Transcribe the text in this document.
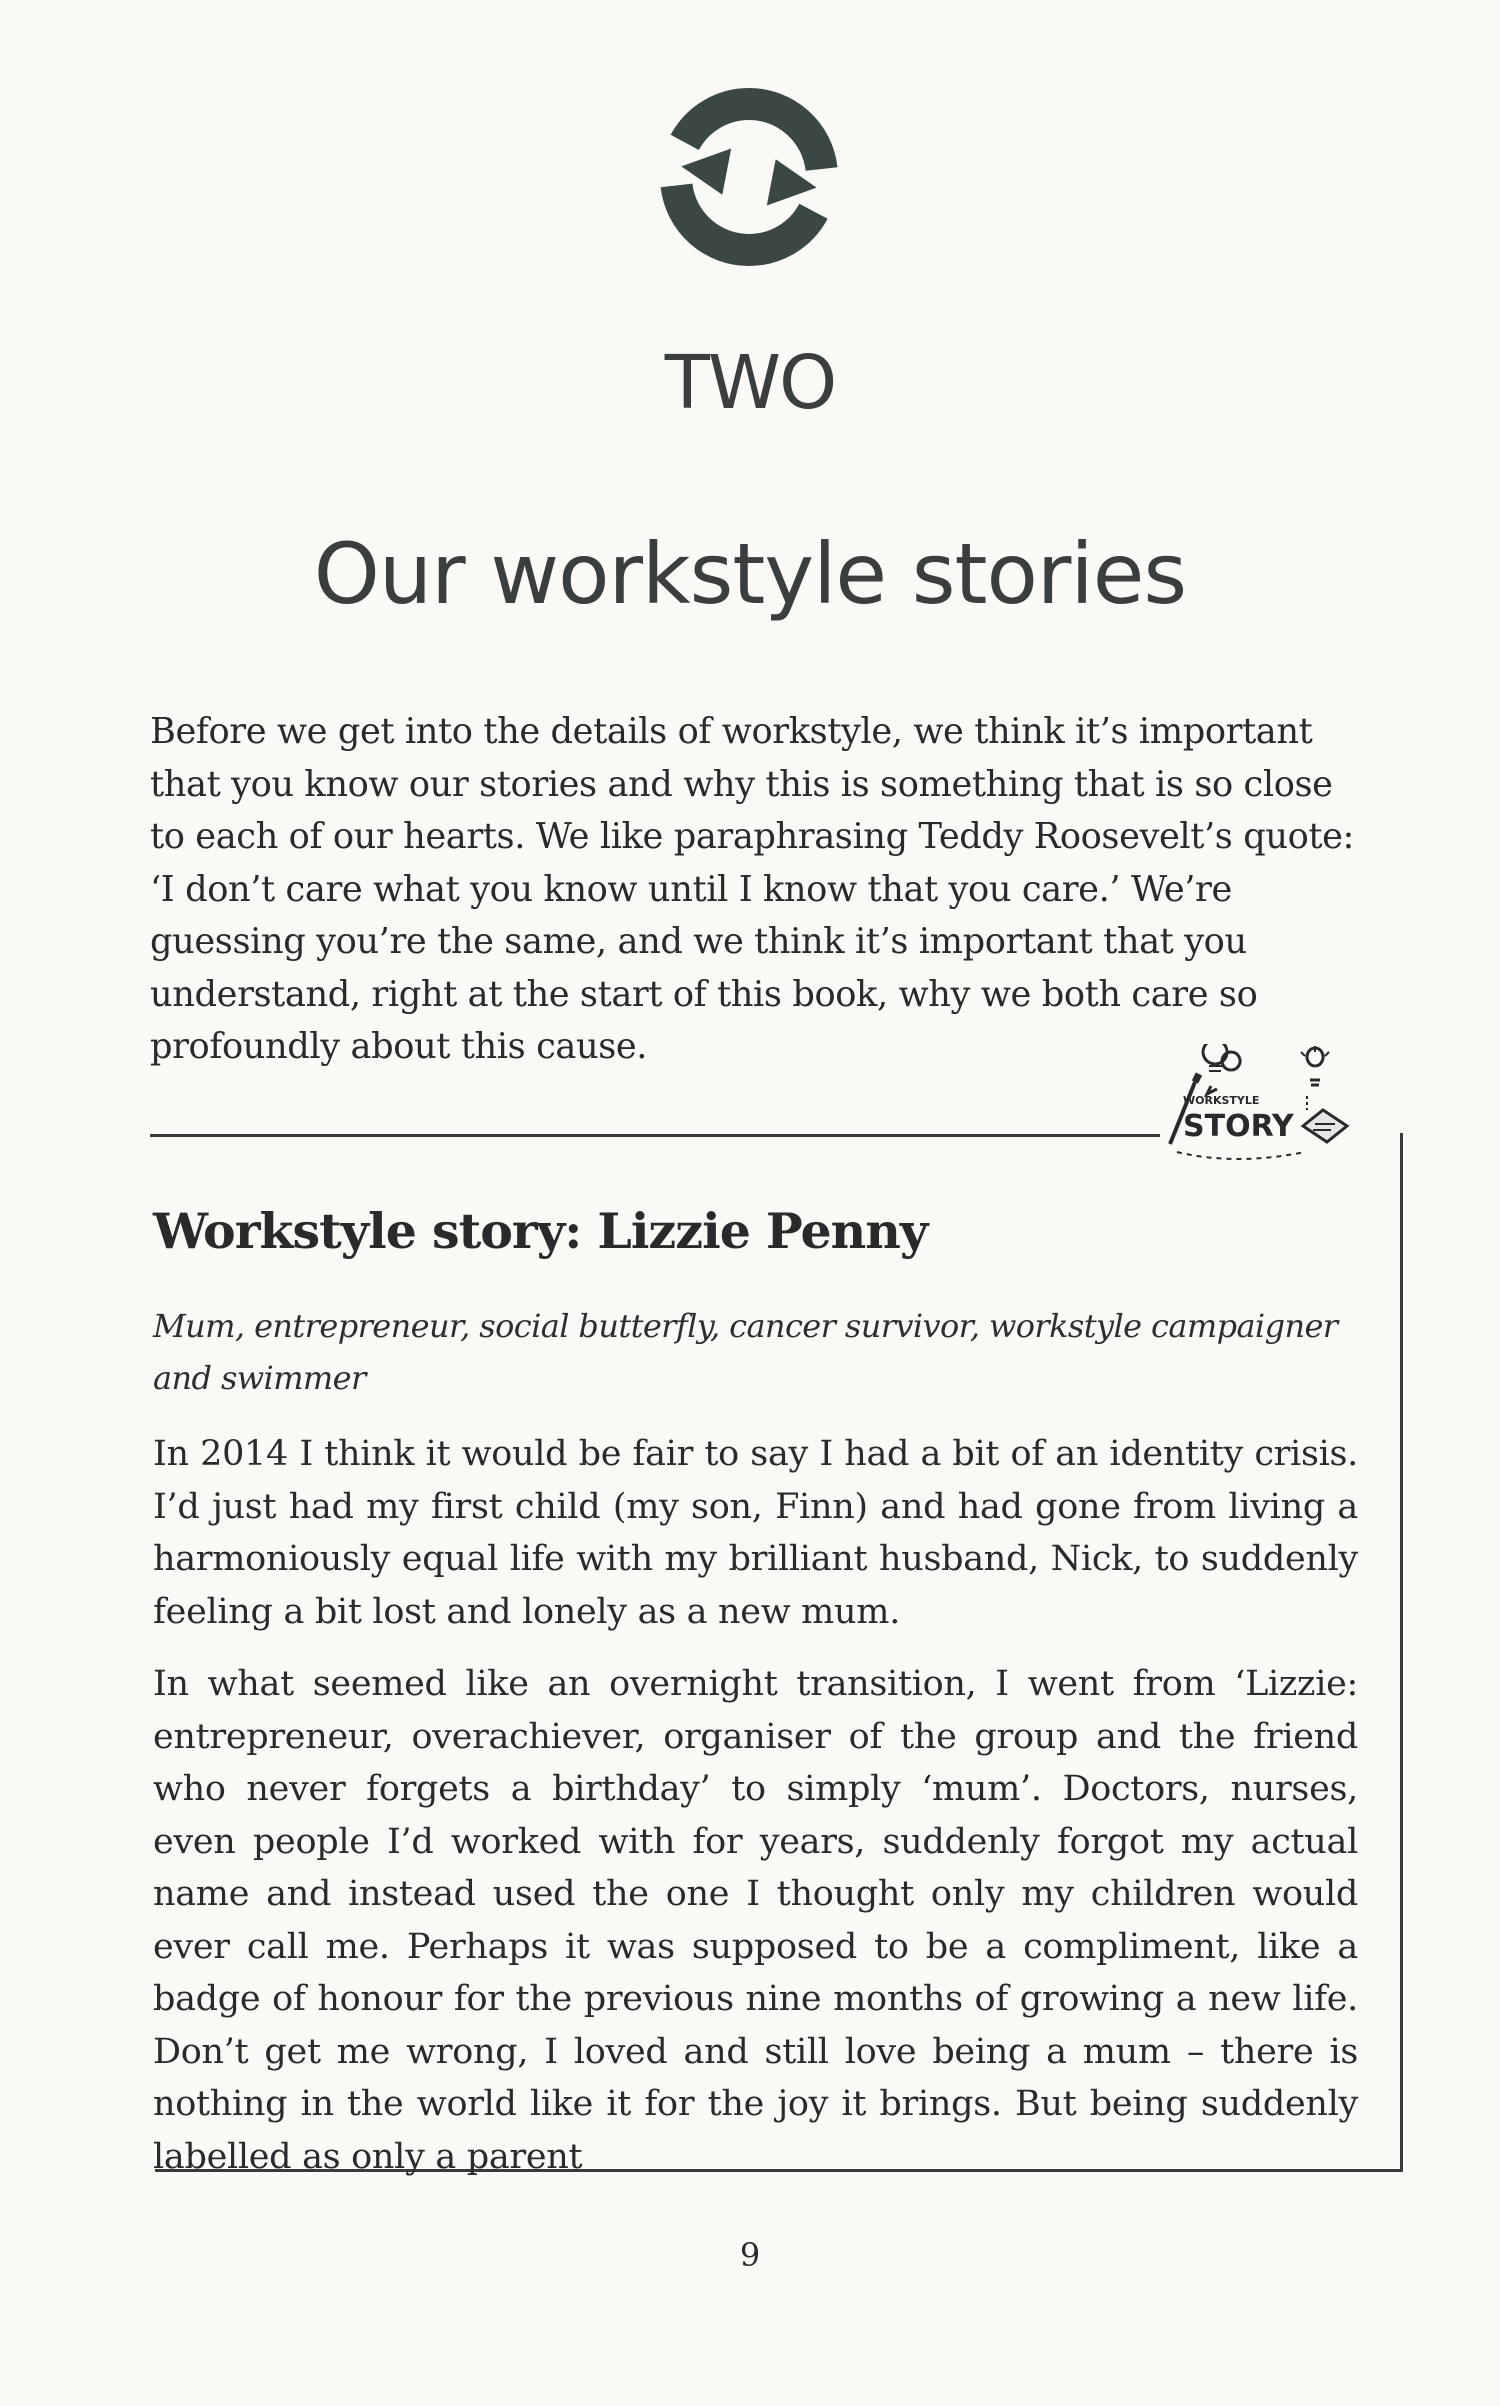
TWO
Our workstyle stories

Before we get into the details of workstyle, we think it’s important that you know our stories and why this is something that is so close to each of our hearts. We like paraphrasing Teddy Roosevelt’s quote: ‘I don’t care what you know until I know that you care.’ We’re guessing you’re the same, and we think it’s important that you understand, right at the start of this book, why we both care so profoundly about this cause.

WORKSTYLE
STORY
Workstyle story: Lizzie Penny

Mum, entrepreneur, social butterfly, cancer survivor, workstyle campaigner and swimmer

In 2014 I think it would be fair to say I had a bit of an identity crisis. I’d just had my first child (my son, Finn) and had gone from living a harmoniously equal life with my brilliant husband, Nick, to suddenly feeling a bit lost and lonely as a new mum.

In what seemed like an overnight transition, I went from ‘Lizzie: entrepreneur, overachiever, organiser of the group and the friend who never forgets a birthday’ to simply ‘mum’. Doctors, nurses, even people I’d worked with for years, suddenly forgot my actual name and instead used the one I thought only my children would ever call me. Perhaps it was supposed to be a compliment, like a badge of honour for the previous nine months of growing a new life. Don’t get me wrong, I loved and still love being a mum – there is nothing in the world like it for the joy it brings. But being suddenly labelled as only a parent

9
